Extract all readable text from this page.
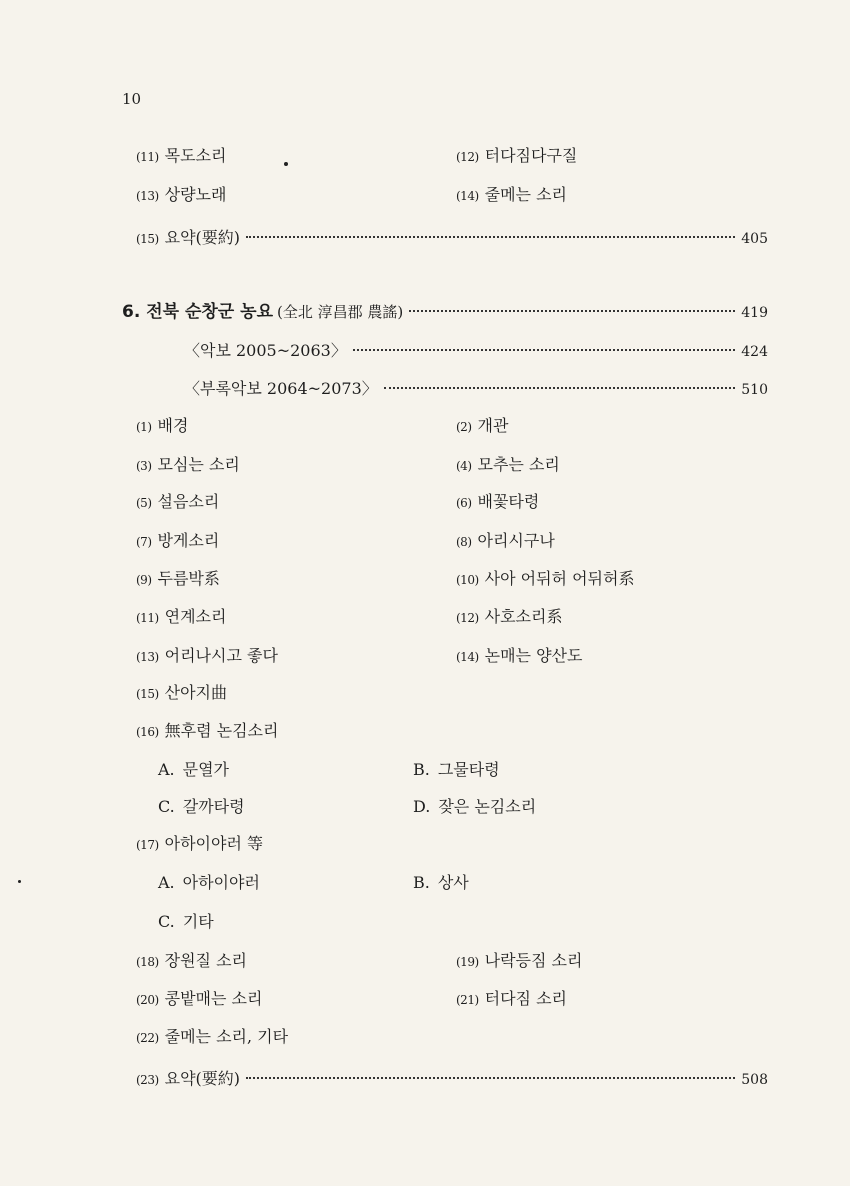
10
(11) 목도소리	(12) 터다짐다구질
(13) 상량노래	(14) 줄메는 소리
(15) 요약(要約)	405
6. 전북 순창군 농요 (全北 淳昌郡 農謠)	419
〈악보 2005~2063〉	424
〈부록악보 2064~2073〉	510
(1) 배경	(2) 개관
(3) 모심는 소리	(4) 모추는 소리
(5) 설음소리	(6) 배꽃타령
(7) 방게소리	(8) 아리시구나
(9) 두름박系	(10) 사아 어뒤허 어뒤허系
(11) 연계소리	(12) 사호소리系
(13) 어리나시고 좋다	(14) 논매는 양산도
(15) 산아지曲
(16) 無후렴 논김소리
A. 문열가	B. 그물타령
C. 갈까타령	D. 잦은 논김소리
(17) 아하이야러 等
A. 아하이야러	B. 상사
C. 기타
(18) 장원질 소리	(19) 나락등짐 소리
(20) 콩밭매는 소리	(21) 터다짐 소리
(22) 줄메는 소리, 기타
(23) 요약(要約)	508
